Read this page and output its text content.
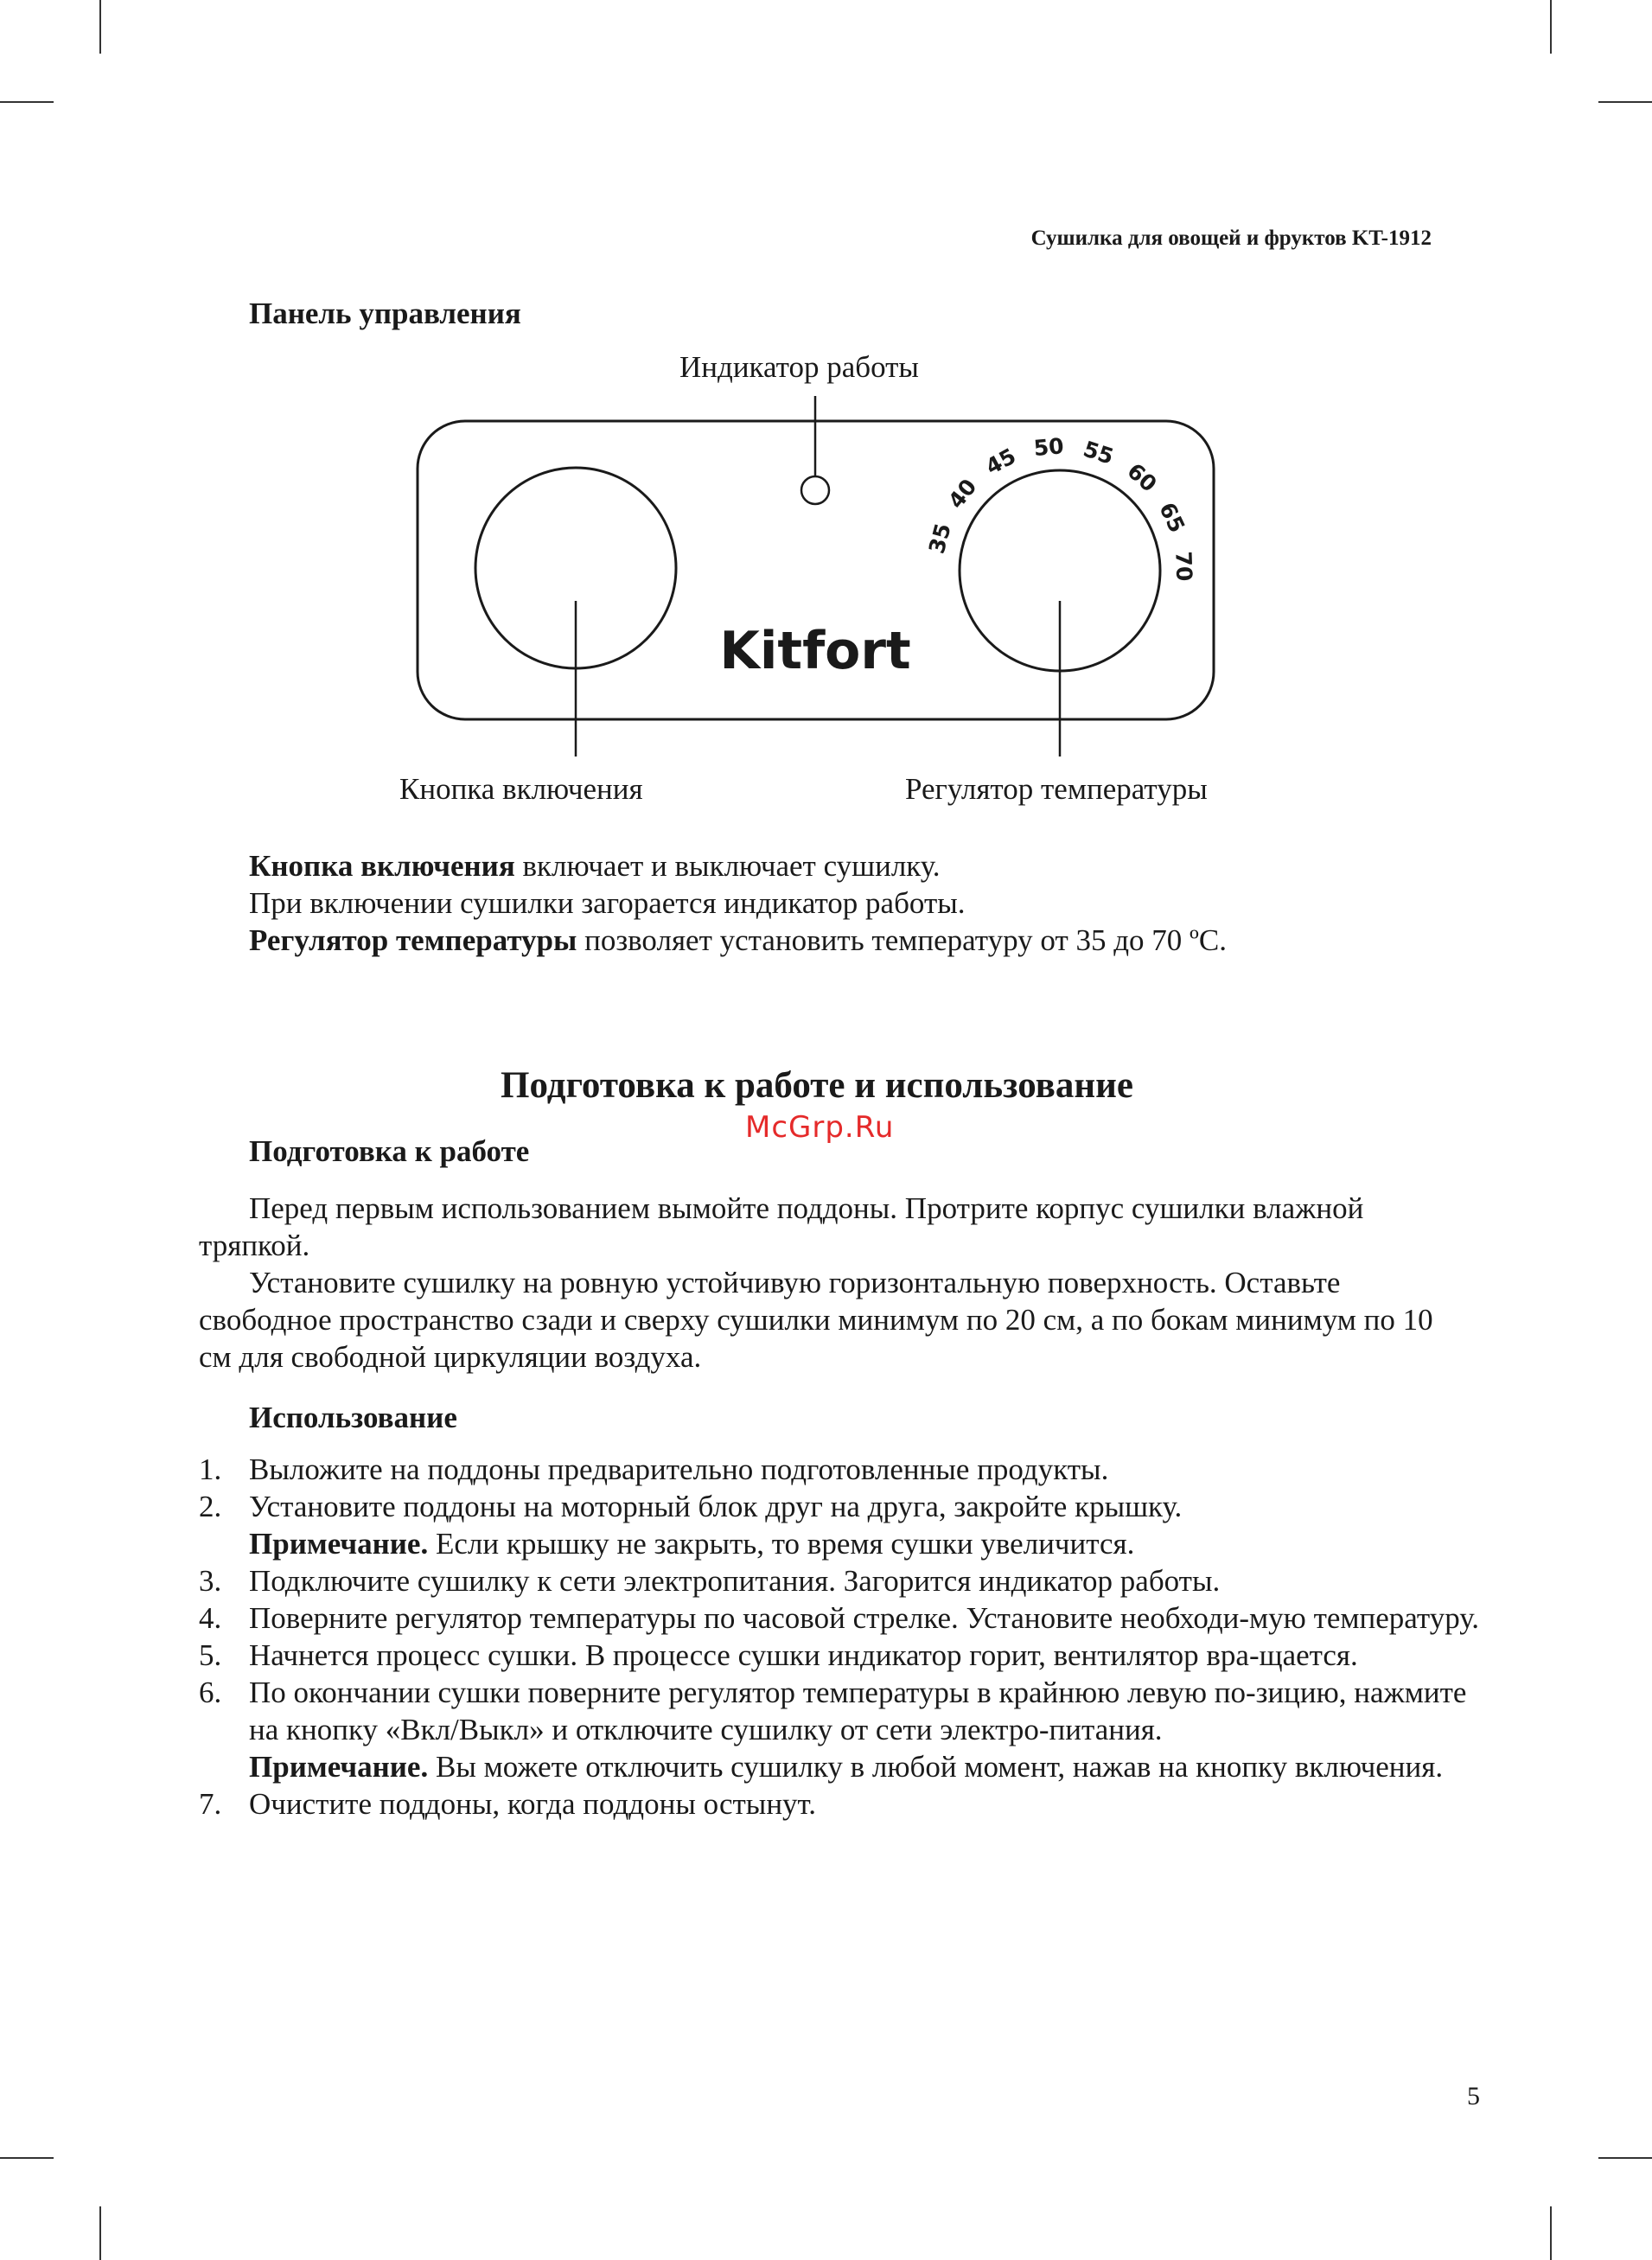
Сушилка для овощей и фруктов KT-1912
Панель управления
Индикатор работы
35
40
45 50 55
60
65
70
Kitfort
Кнопка включения	Регулятор температуры

Кнопка включения включает и выключает сушилку.

При включении сушилки загорается индикатор работы.

Регулятор температуры позволяет установить температуру от 35 до 70 ºС.

Подготовка к работе и использование
McGrp.Ru
Подготовка к работе

Перед первым использованием вымойте поддоны. Протрите корпус сушилки влажной тряпкой.

Установите сушилку на ровную устойчивую горизонтальную поверхность. Оставьте свободное пространство сзади и сверху сушилки минимум по 20 см, а по бокам минимум по 10 см для свободной циркуляции воздуха.

Использование
1. Выложите на поддоны предварительно подготовленные продукты.
2. Установите поддоны на моторный блок друг на друга, закройте крышку.
Примечание. Если крышку не закрыть, то время сушки увеличится.
3. Подключите сушилку к сети электропитания. Загорится индикатор работы.
4. Поверните регулятор температуры по часовой стрелке. Установите необходи-мую температуру.
5. Начнется процесс сушки. В процессе сушки индикатор горит, вентилятор вра-щается.
6. По окончании сушки поверните регулятор температуры в крайнюю левую по-зицию, нажмите на кнопку «Вкл/Выкл» и отключите сушилку от сети электро-питания.
Примечание. Вы можете отключить сушилку в любой момент, нажав на кнопку включения.
7. Очистите поддоны, когда поддоны остынут.
5
